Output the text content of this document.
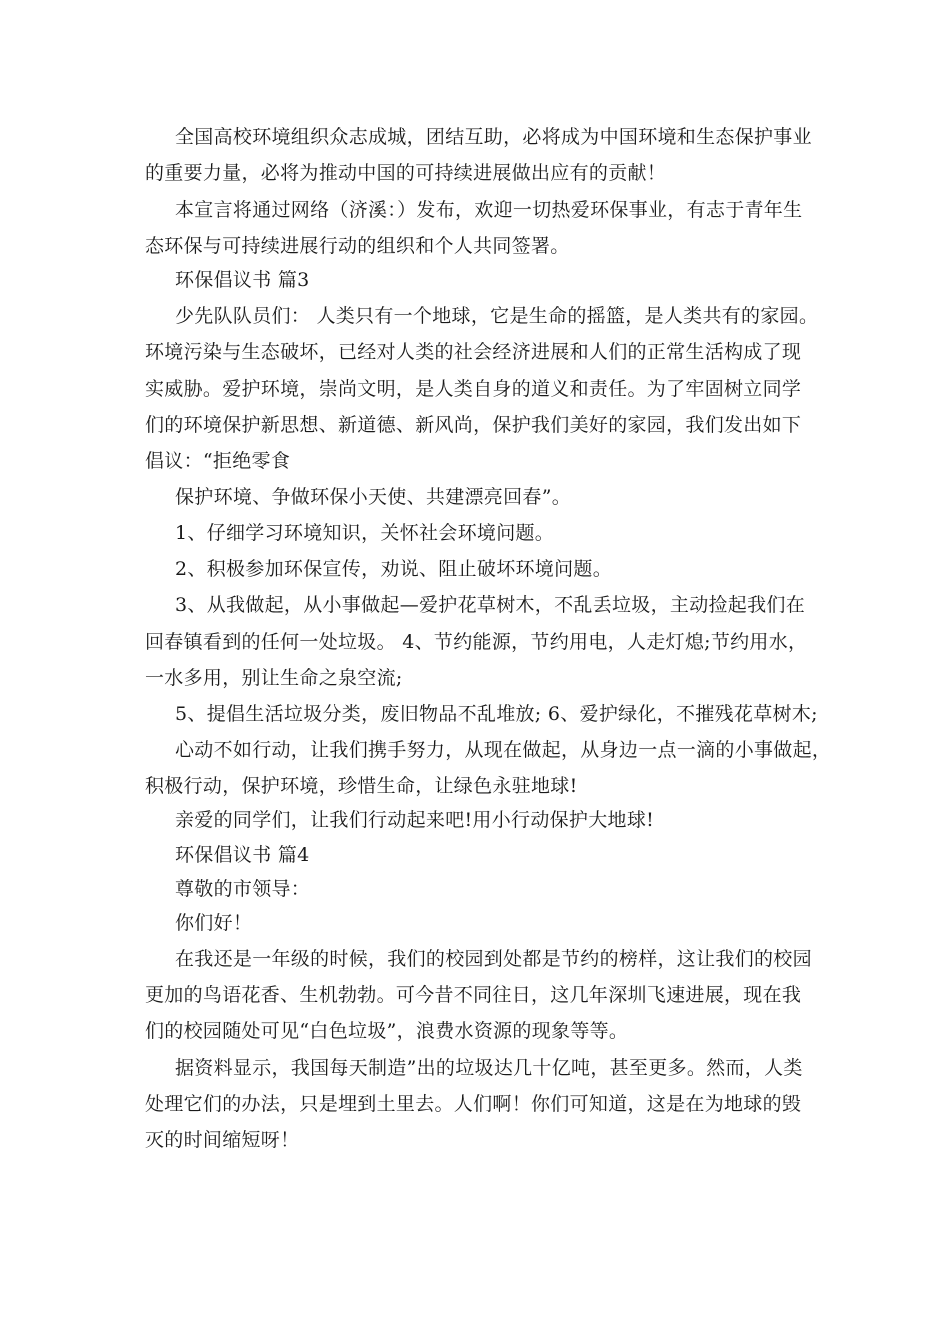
全国高校环境组织众志成城，团结互助，必将成为中国环境和生态保护事业
的重要力量，必将为推动中国的可持续进展做出应有的贡献！
本宣言将通过网络（济溪：）发布，欢迎一切热爱环保事业，有志于青年生
态环保与可持续进展行动的组织和个人共同签署。
环保倡议书 篇3
少先队队员们： 人类只有一个地球，它是生命的摇篮，是人类共有的家园。
环境污染与生态破坏，已经对人类的社会经济进展和人们的正常生活构成了现
实威胁。爱护环境，崇尚文明，是人类自身的道义和责任。为了牢固树立同学
们的环境保护新思想、新道德、新风尚，保护我们美好的家园，我们发出如下
倡议：“拒绝零食
保护环境、争做环保小天使、共建漂亮回春”。
1、仔细学习环境知识，关怀社会环境问题。
2、积极参加环保宣传，劝说、阻止破坏环境问题。
3、从我做起，从小事做起—爱护花草树木，不乱丢垃圾，主动捡起我们在
回春镇看到的任何一处垃圾。 4、节约能源，节约用电，人走灯熄;节约用水，
一水多用，别让生命之泉空流;
5、提倡生活垃圾分类，废旧物品不乱堆放; 6、爱护绿化，不摧残花草树木;
心动不如行动，让我们携手努力，从现在做起，从身边一点一滴的小事做起，
积极行动，保护环境，珍惜生命，让绿色永驻地球!
亲爱的同学们，让我们行动起来吧!用小行动保护大地球!
环保倡议书 篇4
尊敬的市领导：
你们好！
在我还是一年级的时候，我们的校园到处都是节约的榜样，这让我们的校园
更加的鸟语花香、生机勃勃。可今昔不同往日，这几年深圳飞速进展，现在我
们的校园随处可见“白色垃圾”，浪费水资源的现象等等。
据资料显示，我国每天制造”出的垃圾达几十亿吨，甚至更多。然而，人类
处理它们的办法，只是埋到土里去。人们啊！你们可知道，这是在为地球的毁
灭的时间缩短呀！
